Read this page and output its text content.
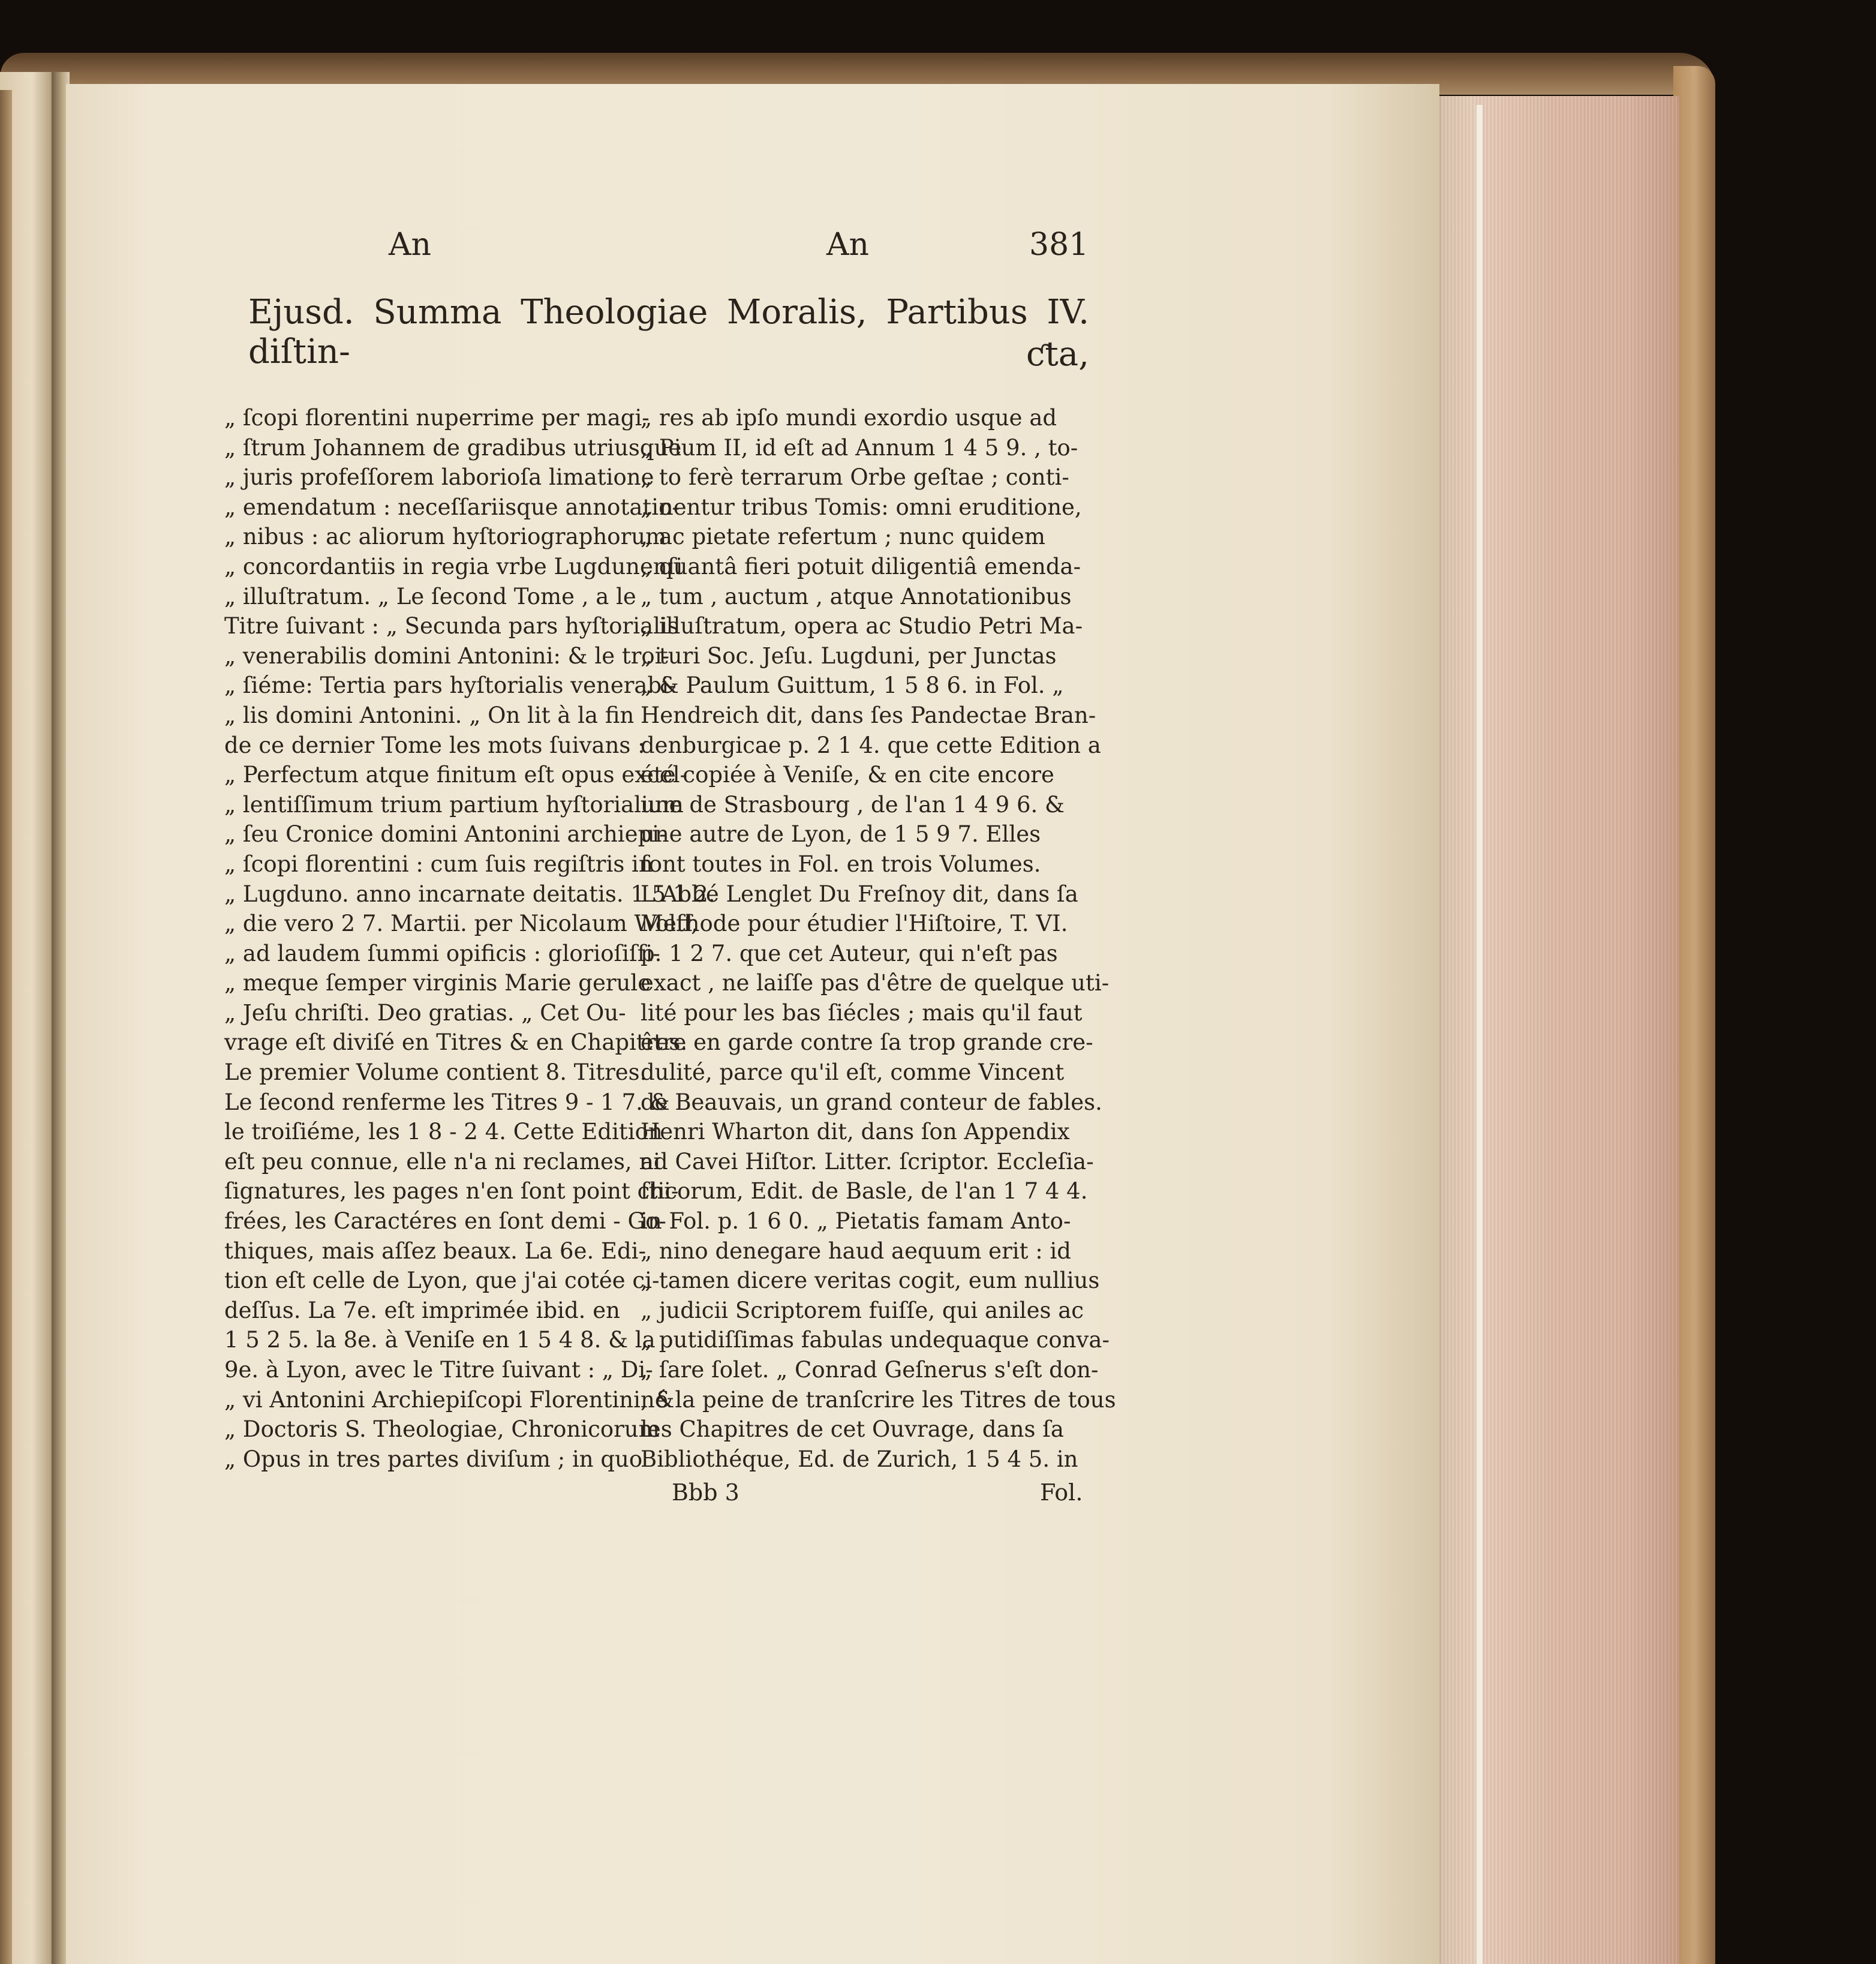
An	An	381
Ejusd. Summa Theologiae Moralis, Partibus IV. diſtin-	ƈta,
„ ſcopi florentini nuperrime per magi-
„ ſtrum Johannem de gradibus utriusque
„ juris profeſſorem laborioſa limatione
„ emendatum : neceſſariisque annotatio-
„ nibus : ac aliorum hyſtoriographorum
„ concordantiis in regia vrbe Lugdunenſi
„ illuſtratum. „ Le ſecond Tome , a le
Titre ſuivant : „ Secunda pars hyſtorialis
„ venerabilis domini Antonini: & le troi-
„ ſiéme: Tertia pars hyſtorialis venerabi-
„ lis domini Antonini. „ On lit à la fin
de ce dernier Tome les mots ſuivans :
„ Perfectum atque finitum eſt opus excel-
„ lentiſſimum trium partium hyſtorialium
„ ſeu Cronice domini Antonini archiepi-
„ ſcopi florentini : cum ſuis regiſtris in
„ Lugduno. anno incarnate deitatis. 1 5 1 2.
„ die vero 2 7. Martii. per Nicolaum Wolff,
„ ad laudem ſummi opificis : glorioſiſſi-
„ meque ſemper virginis Marie gerule
„ Jeſu chriſti. Deo gratias. „ Cet Ou-
vrage eſt diviſé en Titres & en Chapitres.
Le premier Volume contient 8. Titres.
Le ſecond renferme les Titres 9 - 1 7. &
le troiſiéme, les 1 8 - 2 4. Cette Edition
eſt peu connue, elle n'a ni reclames, ni
ſignatures, les pages n'en ſont point chi-
frées, les Caractéres en ſont demi - Go-
thiques, mais aſſez beaux. La 6e. Edi-
tion eſt celle de Lyon, que j'ai cotée ci-
deſſus. La 7e. eſt imprimée ibid. en
1 5 2 5. la 8e. à Veniſe en 1 5 4 8. & la
9e. à Lyon, avec le Titre ſuivant : „ Di-
„ vi Antonini Archiepiſcopi Florentini, &
„ Doctoris S. Theologiae, Chronicorum
„ Opus in tres partes diviſum ; in quo
„ res ab ipſo mundi exordio usque ad
„ Pium II, id eſt ad Annum 1 4 5 9. , to-
„ to ferè terrarum Orbe geſtae ; conti-
„ nentur tribus Tomis: omni eruditione,
„ ac pietate refertum ; nunc quidem
„ quantâ fieri potuit diligentiâ emenda-
„ tum , auctum , atque Annotationibus
„ illuſtratum, opera ac Studio Petri Ma-
„ turi Soc. Jeſu. Lugduni, per Junctas
„ & Paulum Guittum, 1 5 8 6. in Fol. „
Hendreich dit, dans ſes Pandectae Bran-
denburgicae p. 2 1 4. que cette Edition a
été copiée à Veniſe, & en cite encore
une de Strasbourg , de l'an 1 4 9 6. &
une autre de Lyon, de 1 5 9 7. Elles
ſont toutes in Fol. en trois Volumes.
L'Abbé Lenglet Du Freſnoy dit, dans ſa
Methode pour étudier l'Hiſtoire, T. VI.
p. 1 2 7. que cet Auteur, qui n'eſt pas
exact , ne laiſſe pas d'être de quelque uti-
lité pour les bas ſiécles ; mais qu'il faut
être en garde contre ſa trop grande cre-
dulité, parce qu'il eſt, comme Vincent
de Beauvais, un grand conteur de fables.
Henri Wharton dit, dans ſon Appendix
ad Cavei Hiſtor. Litter. ſcriptor. Eccleſia-
ſticorum, Edit. de Basle, de l'an 1 7 4 4.
in Fol. p. 1 6 0. „ Pietatis famam Anto-
„ nino denegare haud aequum erit : id
„ tamen dicere veritas cogit, eum nullius
„ judicii Scriptorem fuiſſe, qui aniles ac
„ putidiſſimas fabulas undequaque conva-
„ ſare ſolet. „ Conrad Geſnerus s'eſt don-
né la peine de tranſcrire les Titres de tous
les Chapitres de cet Ouvrage, dans ſa
Bibliothéque, Ed. de Zurich, 1 5 4 5. in
Bbb 3	Fol.
